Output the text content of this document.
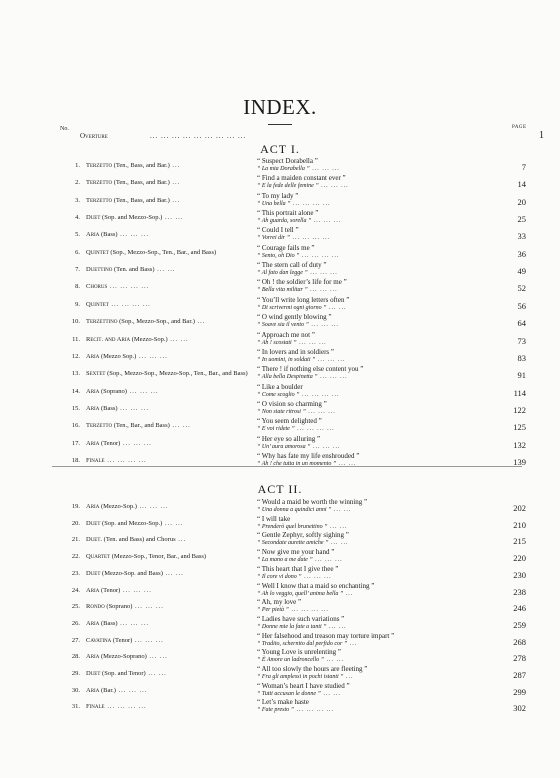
INDEX.
No.	PAGE
Overture	... ... ... ... ... ... ... ... ...	1
ACT I.
ACT II.
1. Terzetto (Ten., Bass, and Bar.) ...
“ Suspect Dorabella ”
“ La mia Dorabella ” ... ... ...	7
2. Terzetto (Ten., Bass, and Bar.) ...
“ Find a maiden constant ever ”
“ E la fede delle femine ” ... ... ...	14
3. Terzetto (Ten., Bass, and Bar.) ...
“ To my lady ”
“ Una bella ” ... ... ... ...	20
4. Duet (Sop. and Mezzo-Sop.) ... ...
“ This portrait alone ”
“ Ah guarda, sorella ” ... ... ...	25
5. Aria (Bass) ... ... ...
“ Could I tell ”
“ Vorrei dir ” ... ... ... ...	33
6. Quintet (Sop., Mezzo-Sop., Ten., Bar., and Bass)
“ Courage fails me ”
“ Sento, oh Dio ” ... ... ... ...	36
7. Duettino (Ten. and Bass) ... ...
“ The stern call of duty ”
“ Al fato dan legge ” ... ... ...	49
8. Chorus ... ... ... ...
“ Oh ! the soldier’s life for me ”
“ Bella vita militar ” ... ... ...	52
9. Quintet ... ... ... ...
“ You’ll write long letters often ”
“ Di scrivermi ogni giorno ” ... ...	56
10. Terzettino (Sop., Mezzo-Sop., and Bar.) ...
“ O wind gently blowing ”
“ Soave sia il vento ” ... ... ...	64
11. Recit. and Aria (Mezzo-Sop.) ... ...
“ Approach me not ”
“ Ah ! scostati ” ... ... ...	73
12. Aria (Mezzo Sop.) ... ... ...
“ In lovers and in soldiers ”
“ In uomini, in soldati ” ... ... ...	83
13. Sextet (Sop., Mezzo-Sop., Mezzo-Sop., Ten., Bar., and Bass)
“ There ! if nothing else content you ”
“ Alla bella Despinetta ” ... ... ...	91
14. Aria (Soprano) ... ... ...
“ Like a boulder
“ Come scoglio ” ... ... ... ...	114
15. Aria (Bass) ... ... ...
“ O vision so charming ”
“ Non siate ritrosi ” ... ... ...	122
16. Terzetto (Ten., Bar., and Bass) ... ...
“ You seem delighted ”
“ E voi ridete ” ... ... ... ...	125
17. Aria (Tenor) ... ... ...
“ Her eye so alluring ”
“ Un’ aura amorosa ” ... ... ...	132
18. Finale ... ... ... ...
“ Why has fate my life enshrouded ”
“ Ah ! che tutta in un momento ” ... ...	139
19. Aria (Mezzo-Sop.) ... ... ...
“ Would a maid be worth the winning ”
“ Una donna a quindici anni ” ... ...	202
20. Duet (Sop. and Mezzo-Sop.) ... ...
“ I will take
“ Prenderò quel brunettino ” ... ...	210
21. Duet. (Ten. and Bass) and Chorus ...
“ Gentle Zephyr, softly sighing ”
“ Secondate aurette amiche ” ... ...	215
22. Quartet (Mezzo-Sop., Tenor, Bar., and Bass)
“ Now give me your hand ”
“ La mano a me date ” ... ... ...	220
23. Duet (Mezzo-Sop. and Bass) ... ...
“ This heart that I give thee ”
“ Il core vi dono ” ... ... ...	230
24. Aria (Tenor) ... ... ...
“ Well I know that a maid so enchanting ”
“ Ah lo veggio, quell’ anima bella ” ...	238
25. Rondo (Soprano) ... ... ...
“ Ah, my love ”
“ Per pietà ” ... ... ... ...	246
26. Aria (Bass) ... ... ...
“ Ladies have such variations ”
“ Donne mie la fate a tanti ” ... ...	259
27. Cavatina (Tenor) ... ... ...
“ Her falsehood and treason may torture impart ”
“ Tradito, schernito dal perfido cor ” ...	268
28. Aria (Mezzo-Soprano) ... ...
“ Young Love is unrelenting ”
“ È Amore un ladroncello ” ... ...	278
29. Duet (Sop. and Tenor) ... ...
“ All too slowly the hours are fleeting ”
“ Fra gli amplessi in pochi istanti ” ...	287
30. Aria (Bar.) ... ... ...
“ Woman’s heart I have studied ”
“ Tutti accusan le donne ” ... ...	299
31. Finale ... ... ... ...
“ Let’s make haste
“ Fate presto ” ... ... ... ...	302
